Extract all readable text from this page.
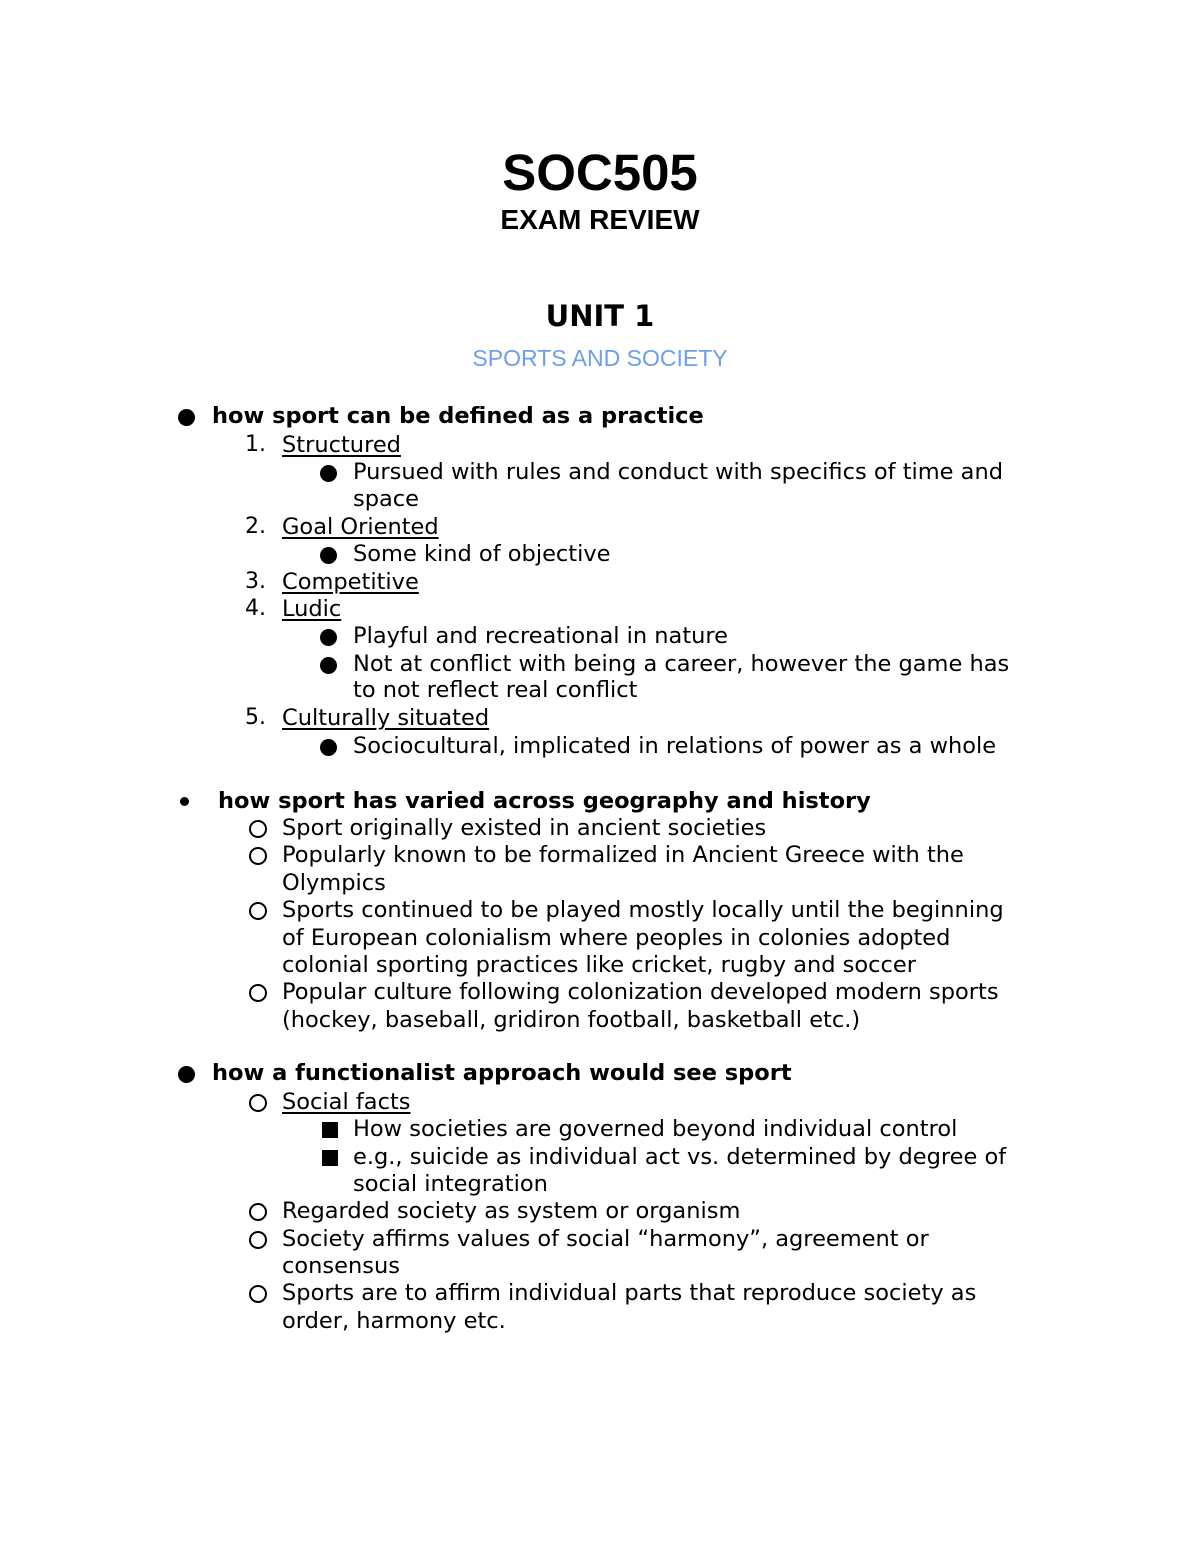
SOC505
EXAM REVIEW
UNIT 1
SPORTS AND SOCIETY
how sport can be defined as a practice
1. Structured
Pursued with rules and conduct with specifics of time and
space
2. Goal Oriented
Some kind of objective
3. Competitive
4. Ludic
Playful and recreational in nature
Not at conflict with being a career, however the game has
to not reflect real conflict
5. Culturally situated
Sociocultural, implicated in relations of power as a whole
how sport has varied across geography and history
Sport originally existed in ancient societies
Popularly known to be formalized in Ancient Greece with the
Olympics
Sports continued to be played mostly locally until the beginning
of European colonialism where peoples in colonies adopted
colonial sporting practices like cricket, rugby and soccer
Popular culture following colonization developed modern sports
(hockey, baseball, gridiron football, basketball etc.)
how a functionalist approach would see sport
Social facts
How societies are governed beyond individual control
e.g., suicide as individual act vs. determined by degree of
social integration
Regarded society as system or organism
Society affirms values of social “harmony”, agreement or
consensus
Sports are to affirm individual parts that reproduce society as
order, harmony etc.
